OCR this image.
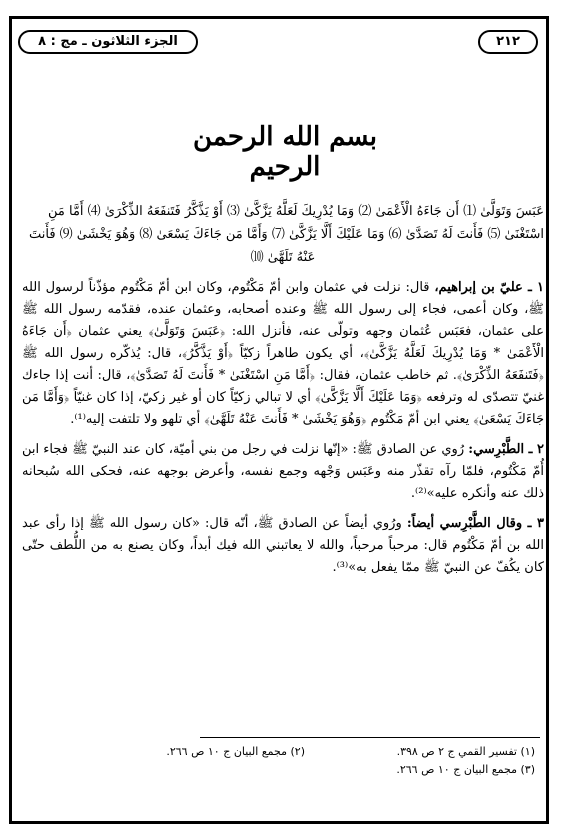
الجزء الثلاثون ـ مج : ٨	٢١٢
بسم الله الرحمن الرحيم
عَبَسَ وَتَوَلَّىٰ ⑴ أَن جَاءَهُ الْأَعْمَىٰ ⑵ وَمَا يُدْرِيكَ لَعَلَّهُ يَزَّكَّىٰ ⑶ أَوْ يَذَّكَّرُ فَتَنفَعَهُ الذِّكْرَىٰ ⑷ أَمَّا مَنِ
اسْتَغْنَىٰ ⑸ فَأَنتَ لَهُ تَصَدَّىٰ ⑹ وَمَا عَلَيْكَ أَلَّا يَزَّكَّىٰ ⑺ وَأَمَّا مَن جَاءَكَ يَسْعَىٰ ⑻ وَهُوَ يَخْشَىٰ ⑼ فَأَنتَ
عَنْهُ تَلَهَّىٰ ⑽
١ ـ عليّ بن إبراهيم، قال: نزلت في عثمان وابن أمّ مَكْتُوم، وكان ابن أمّ مَكْتُوم مؤذّناً لرسول الله ﷺ، وكان أعمى، فجاء إلى رسول الله ﷺ وعنده أصحابه، وعثمان عنده، فقدّمه رسول الله ﷺ على عثمان، فعَبَس عُثمان وجهه وتولّى عنه، فأنزل الله: ﴿عَبَسَ وَتَوَلَّىٰ﴾ يعني عثمان ﴿أَن جَاءَهُ الْأَعْمَىٰ * وَمَا يُدْرِيكَ لَعَلَّهُ يَزَّكَّىٰ﴾، أي يكون طاهراً زكيّاً ﴿أَوْ يَذَّكَّرُ﴾، قال: يُذكّره رسول الله ﷺ ﴿فَتَنفَعَهُ الذِّكْرَىٰ﴾. ثم خاطب عثمان، فقال: ﴿أَمَّا مَنِ اسْتَغْنَىٰ * فَأَنتَ لَهُ تَصَدَّىٰ﴾، قال: أنت إذا جاءك غنيّ تتصدّى له وترفعه ﴿وَمَا عَلَيْكَ أَلَّا يَزَّكَّىٰ﴾ أي لا تبالي زكيّاً كان أو غير زكيّ، إذا كان غنيّاً ﴿وَأَمَّا مَن جَاءَكَ يَسْعَىٰ﴾ يعني ابن أمّ مَكْتُوم ﴿وَهُوَ يَخْشَىٰ * فَأَنتَ عَنْهُ تَلَهَّىٰ﴾ أي تلهو ولا تلتفت إليه⁽¹⁾.
٢ ـ الطَّبْرِسي: رُوي عن الصادق ﷺ: «إنّها نزلت في رجل من بني أميّة، كان عند النبيّ ﷺ فجاء ابن أُمّ مَكْتُوم، فلمّا رآه تقذّر منه وعَبَس وَجْهه وجمع نفسه، وأعرض بوجهه عنه، فحكى الله سُبحانه ذلك عنه وأنكره عليه»⁽²⁾.
٣ ـ وقال الطَّبْرِسي أيضاً: ورُوي أيضاً عن الصادق ﷺ، أنّه قال: «كان رسول الله ﷺ إذا رأى عبد الله بن أمّ مَكْتُوم قال: مرحباً مرحباً، والله لا يعاتبني الله فيك أبداً، وكان يصنع به من اللُّطف حتّى كان يكُفّ عن النبيّ ﷺ ممّا يفعل به»⁽³⁾.
(١) تفسير القمي ج ٢ ص ٣٩٨.
(٢) مجمع البيان ج ١٠ ص ٢٦٦.
(٣) مجمع البيان ج ١٠ ص ٢٦٦.
